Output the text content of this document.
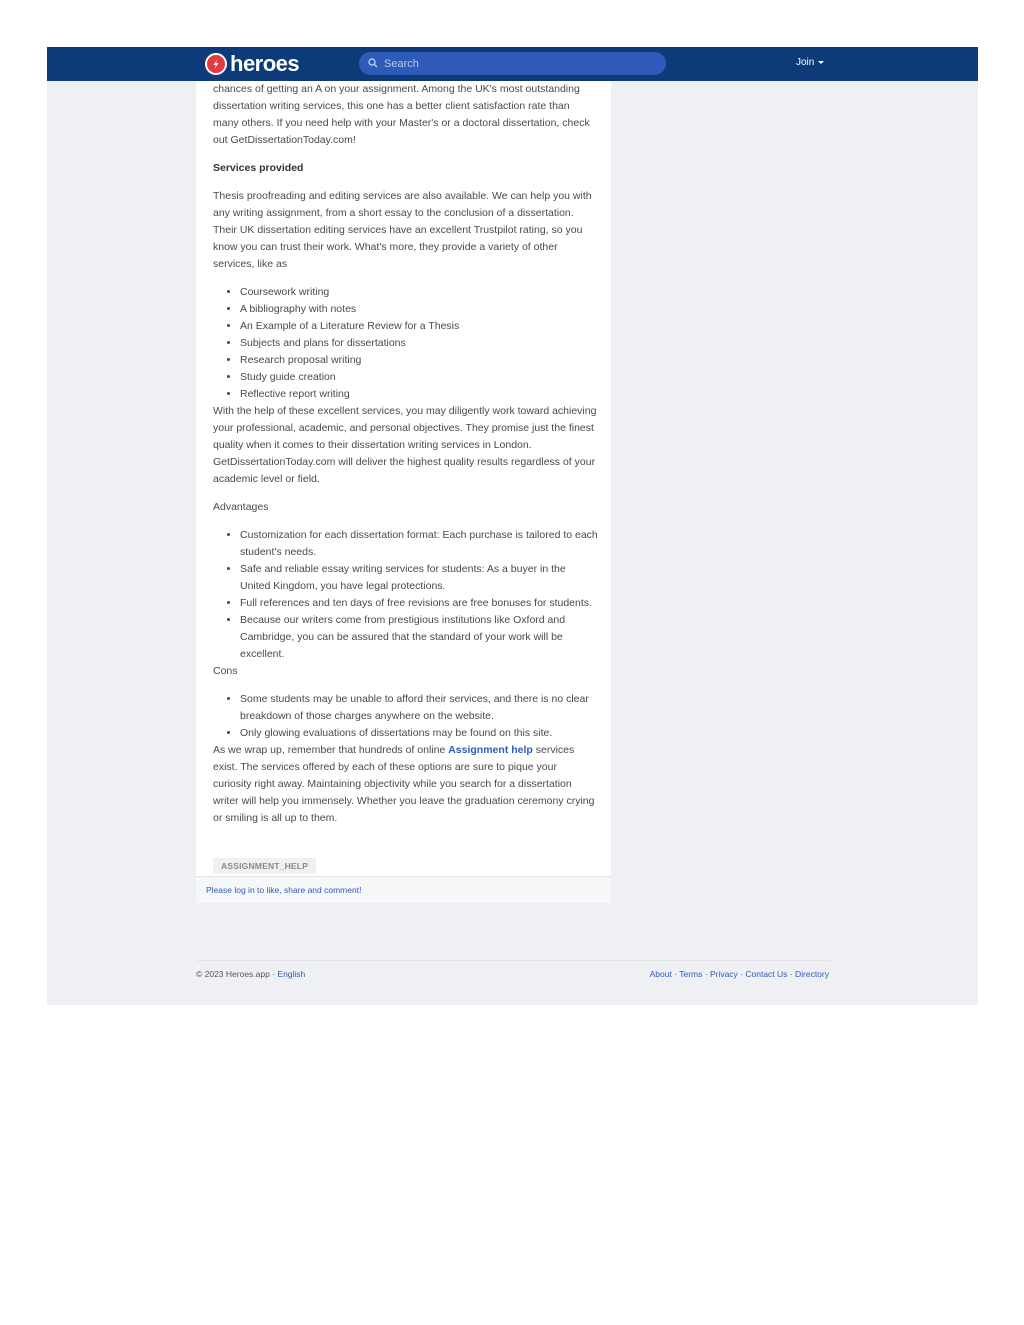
heroes
Search	Join

chances of getting an A on your assignment. Among the UK's most outstanding dissertation writing services, this one has a better client satisfaction rate than many others. If you need help with your Master's or a doctoral dissertation, check out GetDissertationToday.com!

Services provided

Thesis proofreading and editing services are also available. We can help you with any writing assignment, from a short essay to the conclusion of a dissertation. Their UK dissertation editing services have an excellent Trustpilot rating, so you know you can trust their work. What's more, they provide a variety of other services, like as

• Coursework writing
• A bibliography with notes
• An Example of a Literature Review for a Thesis
• Subjects and plans for dissertations
• Research proposal writing
• Study guide creation
• Reflective report writing

With the help of these excellent services, you may diligently work toward achieving your professional, academic, and personal objectives. They promise just the finest quality when it comes to their dissertation writing services in London. GetDissertationToday.com will deliver the highest quality results regardless of your academic level or field.

Advantages

• Customization for each dissertation format: Each purchase is tailored to each student's needs.
• Safe and reliable essay writing services for students: As a buyer in the United Kingdom, you have legal protections.
• Full references and ten days of free revisions are free bonuses for students.
• Because our writers come from prestigious institutions like Oxford and Cambridge, you can be assured that the standard of your work will be excellent.

Cons

• Some students may be unable to afford their services, and there is no clear breakdown of those charges anywhere on the website.
• Only glowing evaluations of dissertations may be found on this site.

As we wrap up, remember that hundreds of online Assignment help services exist. The services offered by each of these options are sure to pique your curiosity right away. Maintaining objectivity while you search for a dissertation writer will help you immensely. Whether you leave the graduation ceremony crying or smiling is all up to them.

ASSIGNMENT_HELP
Please log in to like, share and comment!
© 2023 Heroes.app · English	About · Terms · Privacy · Contact Us · Directory
